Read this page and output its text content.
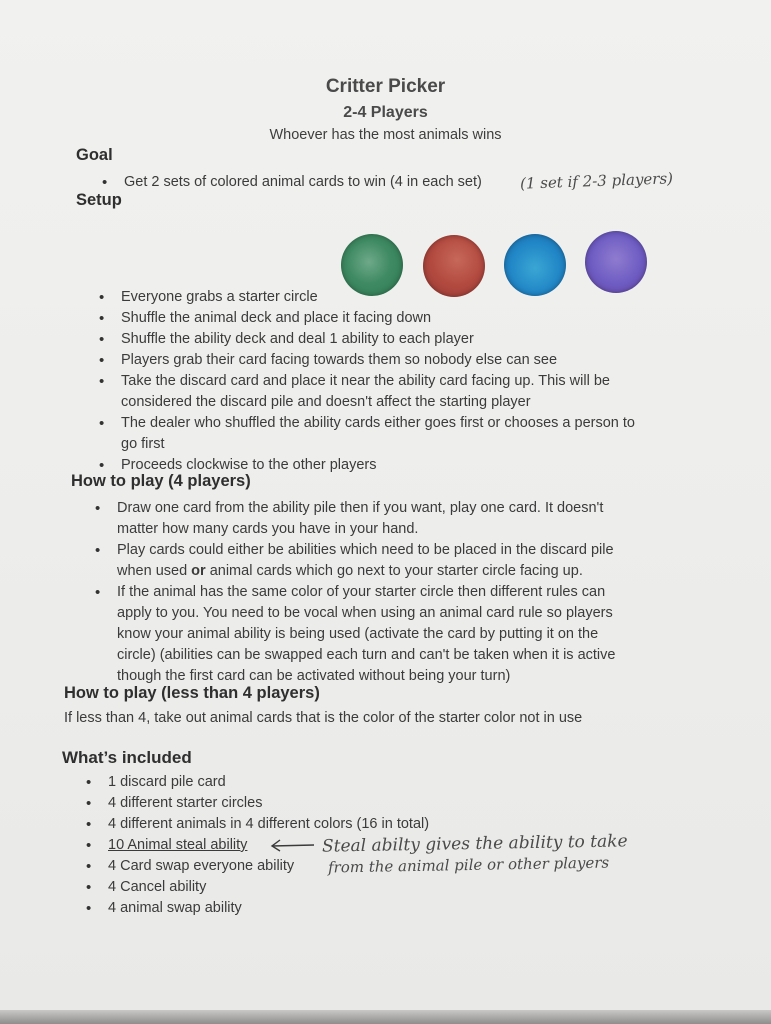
Critter Picker
2-4 Players
Whoever has the most animals wins
Goal
• Get 2 sets of colored animal cards to win (4 in each set)	(1 set if 2-3 players)
Setup
• Everyone grabs a starter circle
• Shuffle the animal deck and place it facing down
• Shuffle the ability deck and deal 1 ability to each player
• Players grab their card facing towards them so nobody else can see
• Take the discard card and place it near the ability card facing up. This will be
considered the discard pile and doesn't affect the starting player
• The dealer who shuffled the ability cards either goes first or chooses a person to
go first
• Proceeds clockwise to the other players
How to play (4 players)
• Draw one card from the ability pile then if you want, play one card. It doesn't
matter how many cards you have in your hand.
• Play cards could either be abilities which need to be placed in the discard pile
when used or animal cards which go next to your starter circle facing up.
• If the animal has the same color of your starter circle then different rules can
apply to you. You need to be vocal when using an animal card rule so players
know your animal ability is being used (activate the card by putting it on the
circle) (abilities can be swapped each turn and can't be taken when it is active
though the first card can be activated without being your turn)
How to play (less than 4 players)
If less than 4, take out animal cards that is the color of the starter color not in use
What’s included
• 1 discard pile card
• 4 different starter circles
• 4 different animals in 4 different colors (16 in total)
• 10 Animal steal ability
• 4 Card swap everyone ability
• 4 Cancel ability
• 4 animal swap ability
Steal abilty gives the ability to take
from the animal pile or other players
